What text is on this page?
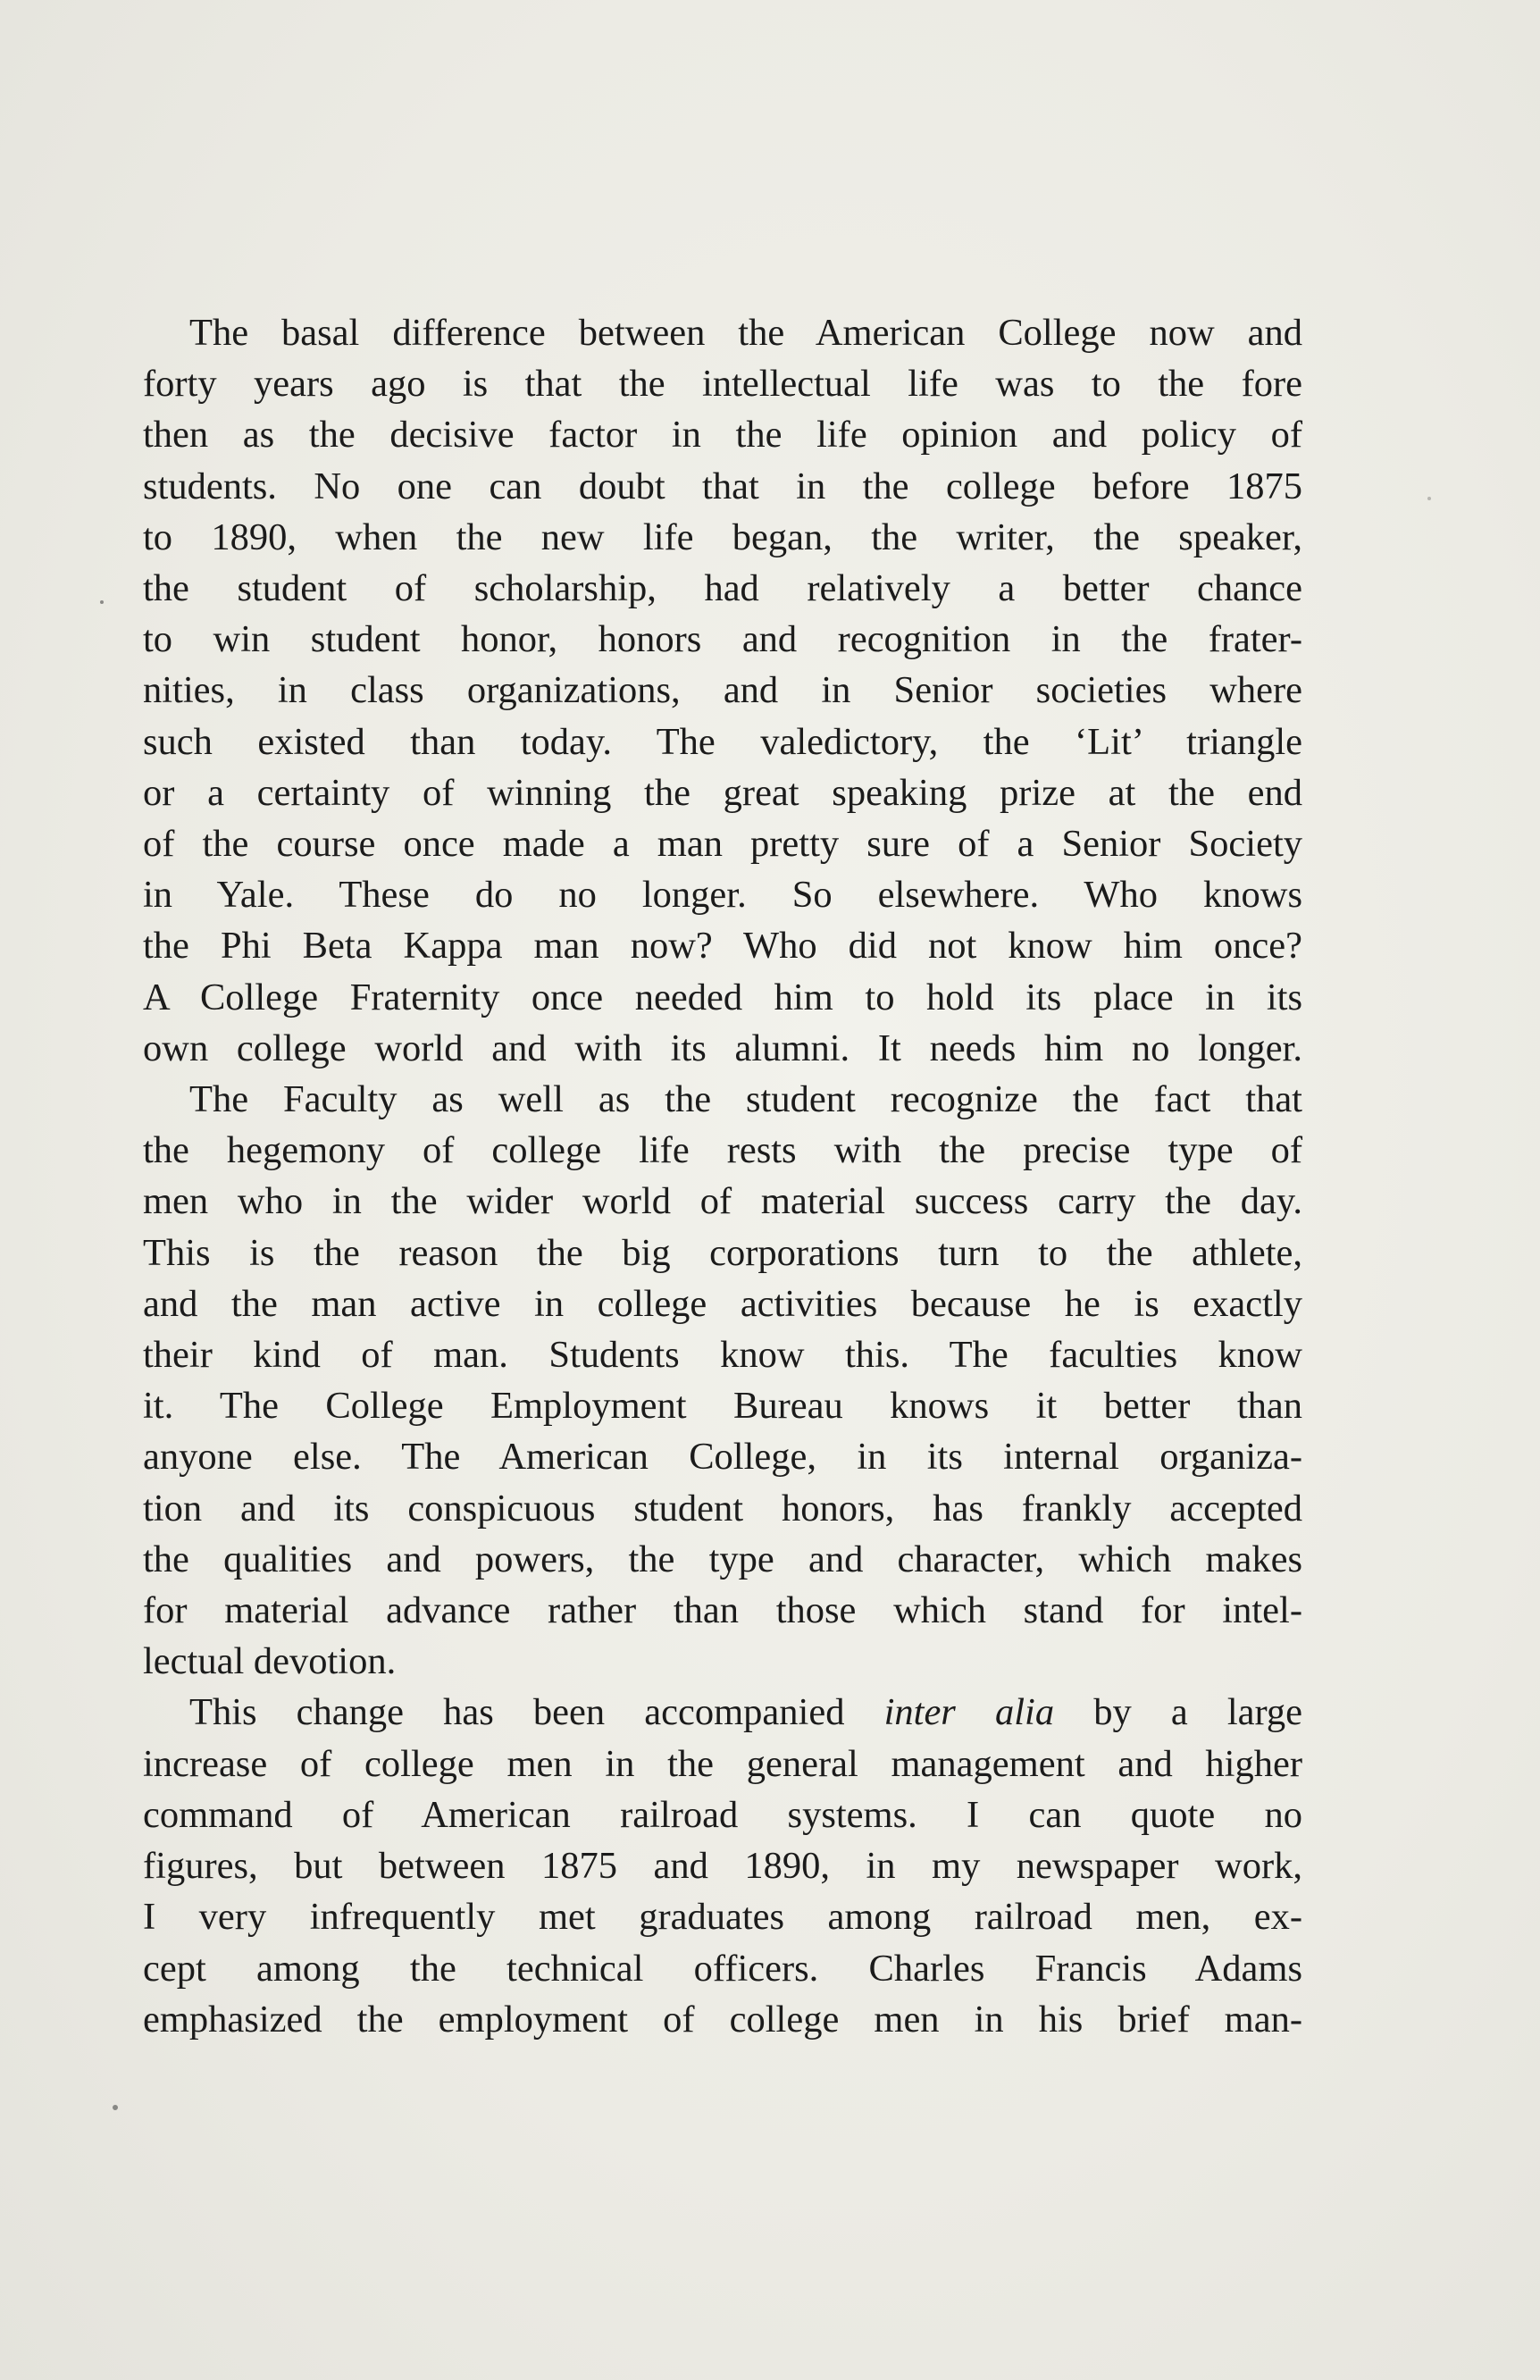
The basal difference between the American College now and
forty years ago is that the intellectual life was to the fore
then as the decisive factor in the life opinion and policy of
students. No one can doubt that in the college before 1875
to 1890, when the new life began, the writer, the speaker,
the student of scholarship, had relatively a better chance
to win student honor, honors and recognition in the frater-
nities, in class organizations, and in Senior societies where
such existed than today. The valedictory, the ‘Lit’ triangle
or a certainty of winning the great speaking prize at the end
of the course once made a man pretty sure of a Senior Society
in Yale. These do no longer. So elsewhere. Who knows
the Phi Beta Kappa man now? Who did not know him once?
A College Fraternity once needed him to hold its place in its
own college world and with its alumni. It needs him no longer.
The Faculty as well as the student recognize the fact that
the hegemony of college life rests with the precise type of
men who in the wider world of material success carry the day.
This is the reason the big corporations turn to the athlete,
and the man active in college activities because he is exactly
their kind of man. Students know this. The faculties know
it. The College Employment Bureau knows it better than
anyone else. The American College, in its internal organiza-
tion and its conspicuous student honors, has frankly accepted
the qualities and powers, the type and character, which makes
for material advance rather than those which stand for intel-
lectual devotion.
This change has been accompanied inter alia by a large
increase of college men in the general management and higher
command of American railroad systems. I can quote no
figures, but between 1875 and 1890, in my newspaper work,
I very infrequently met graduates among railroad men, ex-
cept among the technical officers. Charles Francis Adams
emphasized the employment of college men in his brief man-
